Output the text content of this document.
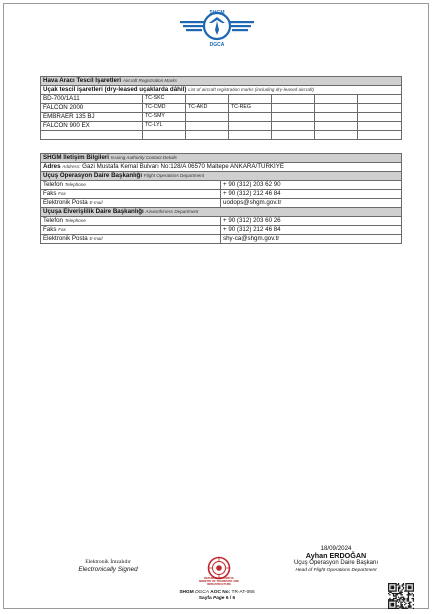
SHGM
DGCA
Hava Aracı Tescil İşaretleri Aircraft Registration Marks						
Uçak tescil işaretleri (dry-leased uçaklarda dâhil) List of aircraft registration marks (including dry-leased aircraft)						
BD-700/1A11	TC-SKC					
FALCON 2000	TC-CMD	TC-AKD	TC-REG			
EMBRAER 135 BJ	TC-SMY					
FALCON 900 EX	TC-LYL					

SHGM İletişim Bilgileri Issuing Authority Contact Details	
Adres Address: Gazi Mustafa Kemal Bulvarı No:128/A 06570 Maltepe ANKARA/TÜRKİYE	
Uçuş Operasyon Daire Başkanlığı Flight Operations Department	
Telefon Telephone	+ 90 (312) 203 62 90
Faks Fax	+ 90 (312) 212 46 84
Elektronik Posta E-mail	uodops@shgm.gov.tr
Uçuşa Elverişlilik Daire Başkanlığı Airworthiness Department	
Telefon Telephone	+ 90 (312) 203 60 26
Faks Fax	+ 90 (312) 212 46 84
Elektronik Posta E-mail	shy-ca@shgm.gov.tr
Elektronik İmzalıdır
Electronically Signed
REPUBLIC OF TÜRKİYE MINISTRY OF TRANSPORT AND INFRASTRUCTURE
18/09/2024
Ayhan ERDOĞAN
Uçuş Operasyon Daire Başkanı
Head of Flight Operations Department
SHGM DGCA AOC No: TR-AT-065
Sayfa Page 6 / 6
